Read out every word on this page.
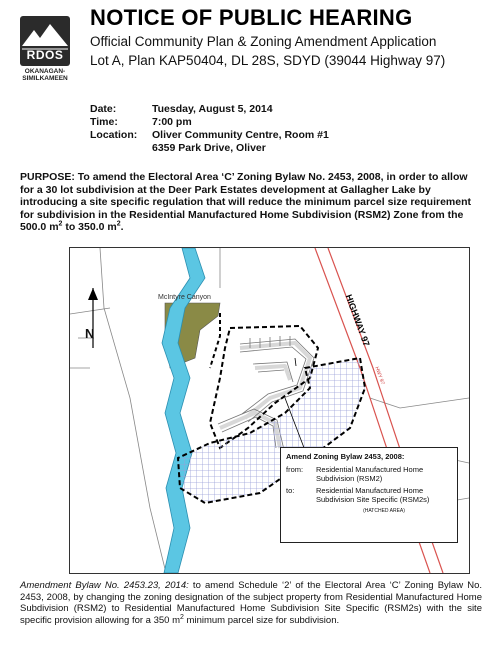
RDOS
OKANAGAN-
SIMILKAMEEN
NOTICE OF PUBLIC HEARING
Official Community Plan & Zoning Amendment Application
Lot A, Plan KAP50404, DL 28S, SDYD (39044 Highway 97)
Date:	Tuesday, August 5, 2014
Time:	7:00 pm
Location:	Oliver Community Centre, Room #1
6359 Park Drive, Oliver
PURPOSE: To amend the Electoral Area ‘C’ Zoning Bylaw No. 2453, 2008, in order to allow for a 30 lot subdivision at the Deer Park Estates development at Gallagher Lake by introducing a site specific regulation that will reduce the minimum parcel size requirement for subdivision in the Residential Manufactured Home Subdivision (RSM2) Zone from the 500.0 $m^2$ to 350.0 $m^2$.
McIntyre Canyon	HIGHWAY 97
HWY 97
N
Amend Zoning Bylaw 2453, 2008:
from: Residential Manufactured Home Subdivision (RSM2)
to:	Residential Manufactured Home Subdivision Site Specific (RSM2s)
(HATCHED AREA)
Amendment Bylaw No. 2453.23, 2014: to amend Schedule ‘2’ of the Electoral Area ‘C’ Zoning Bylaw No. 2453, 2008, by changing the zoning designation of the subject property from Residential Manufactured Home Subdivision (RSM2) to Residential Manufactured Home Subdivision Site Specific (RSM2s) with the site specific provision allowing for a 350 $m^2$ minimum parcel size for subdivision.
